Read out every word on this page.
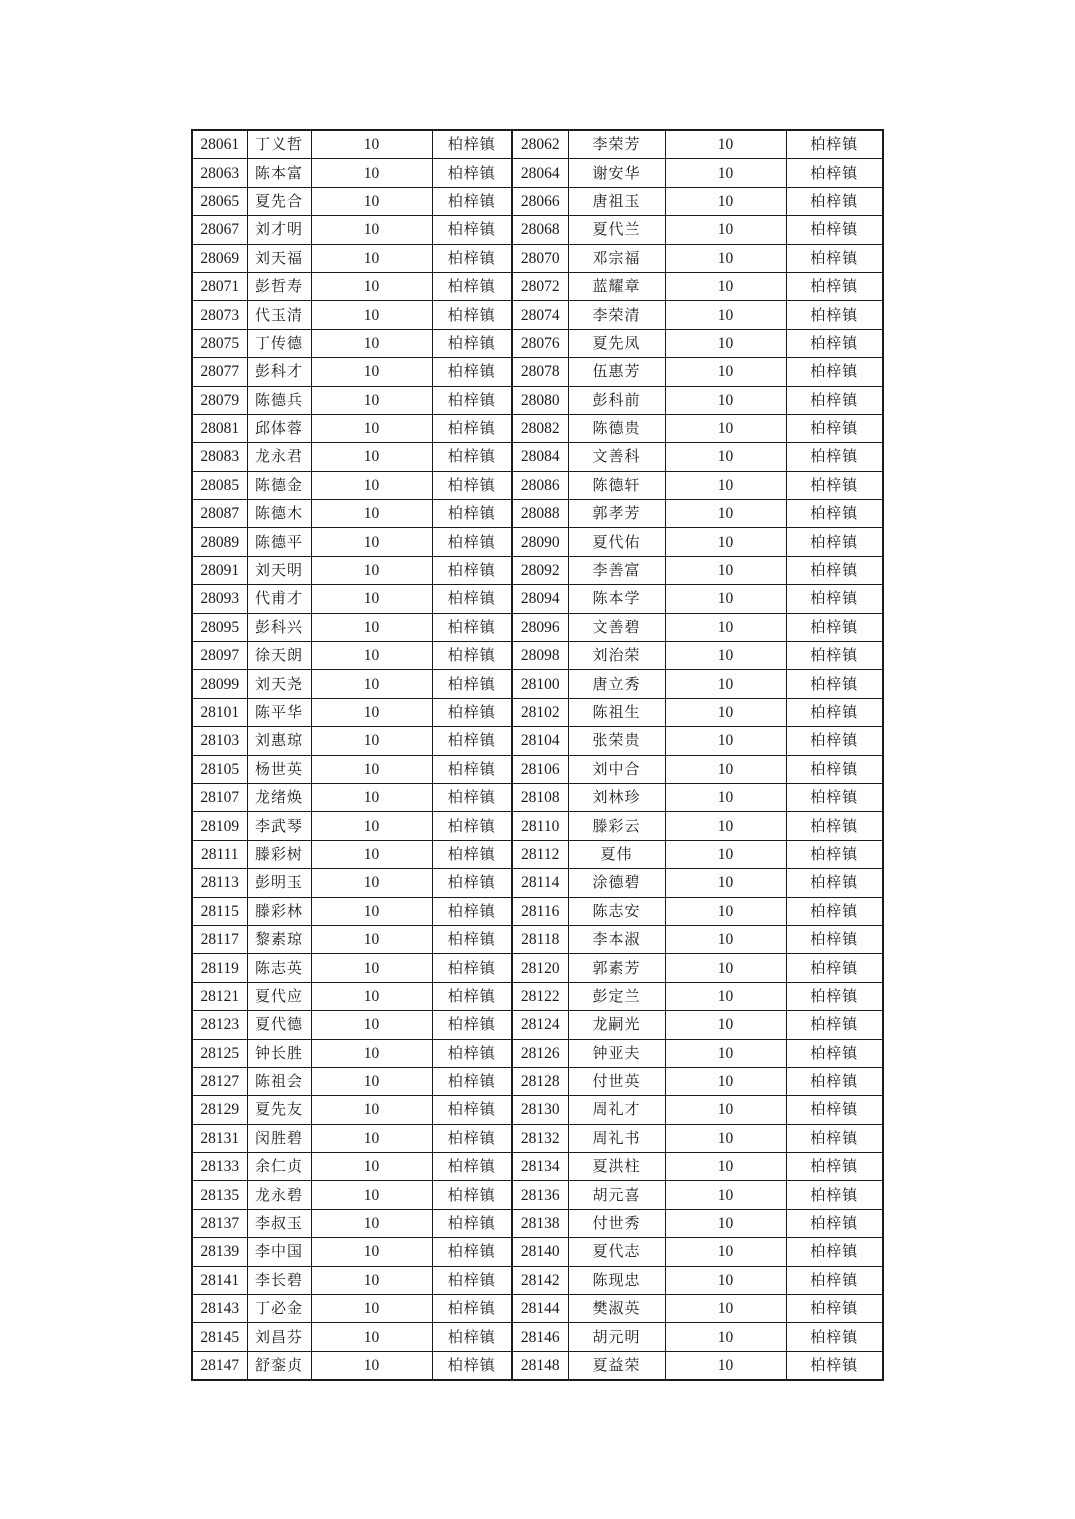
28061	丁义哲	10	柏梓镇	28062	李荣芳	10	柏梓镇
28063	陈本富	10	柏梓镇	28064	谢安华	10	柏梓镇
28065	夏先合	10	柏梓镇	28066	唐祖玉	10	柏梓镇
28067	刘才明	10	柏梓镇	28068	夏代兰	10	柏梓镇
28069	刘天福	10	柏梓镇	28070	邓宗福	10	柏梓镇
28071	彭哲寿	10	柏梓镇	28072	蓝耀章	10	柏梓镇
28073	代玉清	10	柏梓镇	28074	李荣清	10	柏梓镇
28075	丁传德	10	柏梓镇	28076	夏先凤	10	柏梓镇
28077	彭科才	10	柏梓镇	28078	伍惠芳	10	柏梓镇
28079	陈德兵	10	柏梓镇	28080	彭科前	10	柏梓镇
28081	邱体蓉	10	柏梓镇	28082	陈德贵	10	柏梓镇
28083	龙永君	10	柏梓镇	28084	文善科	10	柏梓镇
28085	陈德金	10	柏梓镇	28086	陈德轩	10	柏梓镇
28087	陈德木	10	柏梓镇	28088	郭孝芳	10	柏梓镇
28089	陈德平	10	柏梓镇	28090	夏代佑	10	柏梓镇
28091	刘天明	10	柏梓镇	28092	李善富	10	柏梓镇
28093	代甫才	10	柏梓镇	28094	陈本学	10	柏梓镇
28095	彭科兴	10	柏梓镇	28096	文善碧	10	柏梓镇
28097	徐天朗	10	柏梓镇	28098	刘治荣	10	柏梓镇
28099	刘天尧	10	柏梓镇	28100	唐立秀	10	柏梓镇
28101	陈平华	10	柏梓镇	28102	陈祖生	10	柏梓镇
28103	刘惠琼	10	柏梓镇	28104	张荣贵	10	柏梓镇
28105	杨世英	10	柏梓镇	28106	刘中合	10	柏梓镇
28107	龙绪焕	10	柏梓镇	28108	刘林珍	10	柏梓镇
28109	李武琴	10	柏梓镇	28110	滕彩云	10	柏梓镇
28111	滕彩树	10	柏梓镇	28112	夏伟	10	柏梓镇
28113	彭明玉	10	柏梓镇	28114	涂德碧	10	柏梓镇
28115	滕彩林	10	柏梓镇	28116	陈志安	10	柏梓镇
28117	黎素琼	10	柏梓镇	28118	李本淑	10	柏梓镇
28119	陈志英	10	柏梓镇	28120	郭素芳	10	柏梓镇
28121	夏代应	10	柏梓镇	28122	彭定兰	10	柏梓镇
28123	夏代德	10	柏梓镇	28124	龙嗣光	10	柏梓镇
28125	钟长胜	10	柏梓镇	28126	钟亚夫	10	柏梓镇
28127	陈祖会	10	柏梓镇	28128	付世英	10	柏梓镇
28129	夏先友	10	柏梓镇	28130	周礼才	10	柏梓镇
28131	闵胜碧	10	柏梓镇	28132	周礼书	10	柏梓镇
28133	余仁贞	10	柏梓镇	28134	夏洪柱	10	柏梓镇
28135	龙永碧	10	柏梓镇	28136	胡元喜	10	柏梓镇
28137	李叔玉	10	柏梓镇	28138	付世秀	10	柏梓镇
28139	李中国	10	柏梓镇	28140	夏代志	10	柏梓镇
28141	李长碧	10	柏梓镇	28142	陈现忠	10	柏梓镇
28143	丁必金	10	柏梓镇	28144	樊淑英	10	柏梓镇
28145	刘昌芬	10	柏梓镇	28146	胡元明	10	柏梓镇
28147	舒銮贞	10	柏梓镇	28148	夏益荣	10	柏梓镇
